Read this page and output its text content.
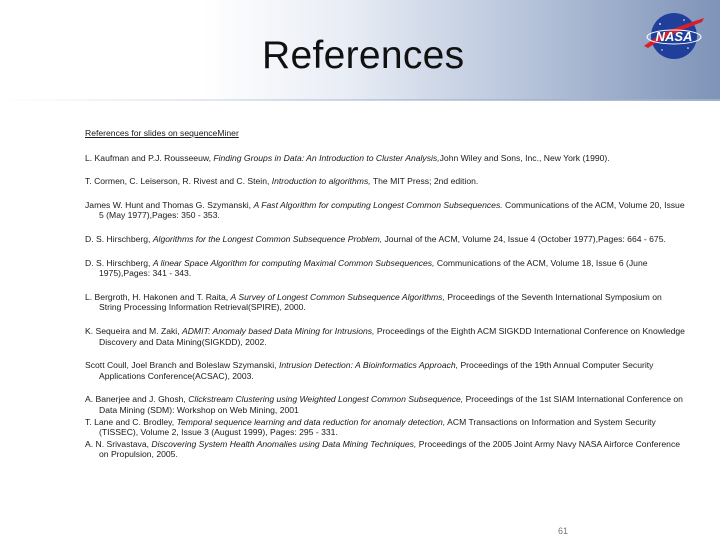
References	NASA
References for slides on sequenceMiner
L. Kaufman and P.J. Rousseeuw, Finding Groups in Data: An Introduction to Cluster Analysis,John Wiley and Sons, Inc., New York (1990).
T. Cormen, C. Leiserson, R. Rivest and C. Stein, Introduction to algorithms, The MIT Press; 2nd edition.
James W. Hunt and Thomas G. Szymanski, A Fast Algorithm for computing Longest Common Subsequences. Communications of the ACM, Volume 20, Issue 5 (May 1977),Pages: 350 - 353.
D. S. Hirschberg, Algorithms for the Longest Common Subsequence Problem, Journal of the ACM, Volume 24, Issue 4 (October 1977),Pages: 664 - 675.
D. S. Hirschberg, A linear Space Algorithm for computing Maximal Common Subsequences, Communications of the ACM, Volume 18, Issue 6 (June 1975),Pages: 341 - 343.
L. Bergroth, H. Hakonen and T. Raita, A Survey of Longest Common Subsequence Algorithms, Proceedings of the Seventh International Symposium on String Processing Information Retrieval(SPIRE), 2000.
K. Sequeira and M. Zaki, ADMIT: Anomaly based Data Mining for Intrusions, Proceedings of the Eighth ACM SIGKDD International Conference on Knowledge Discovery and Data Mining(SIGKDD), 2002.
Scott Coull, Joel Branch and Boleslaw Szymanski, Intrusion Detection: A Bioinformatics Approach, Proceedings of the 19th Annual Computer Security Applications Conference(ACSAC), 2003.
A. Banerjee and J. Ghosh, Clickstream Clustering using Weighted Longest Common Subsequence, Proceedings of the 1st SIAM International Conference on Data Mining (SDM): Workshop on Web Mining, 2001
T. Lane and C. Brodley, Temporal sequence learning and data reduction for anomaly detection, ACM Transactions on Information and System Security (TISSEC), Volume 2, Issue 3 (August 1999), Pages: 295 - 331.
A. N. Srivastava, Discovering System Health Anomalies using Data Mining Techniques, Proceedings of the 2005 Joint Army Navy NASA Airforce Conference on Propulsion, 2005.
61
